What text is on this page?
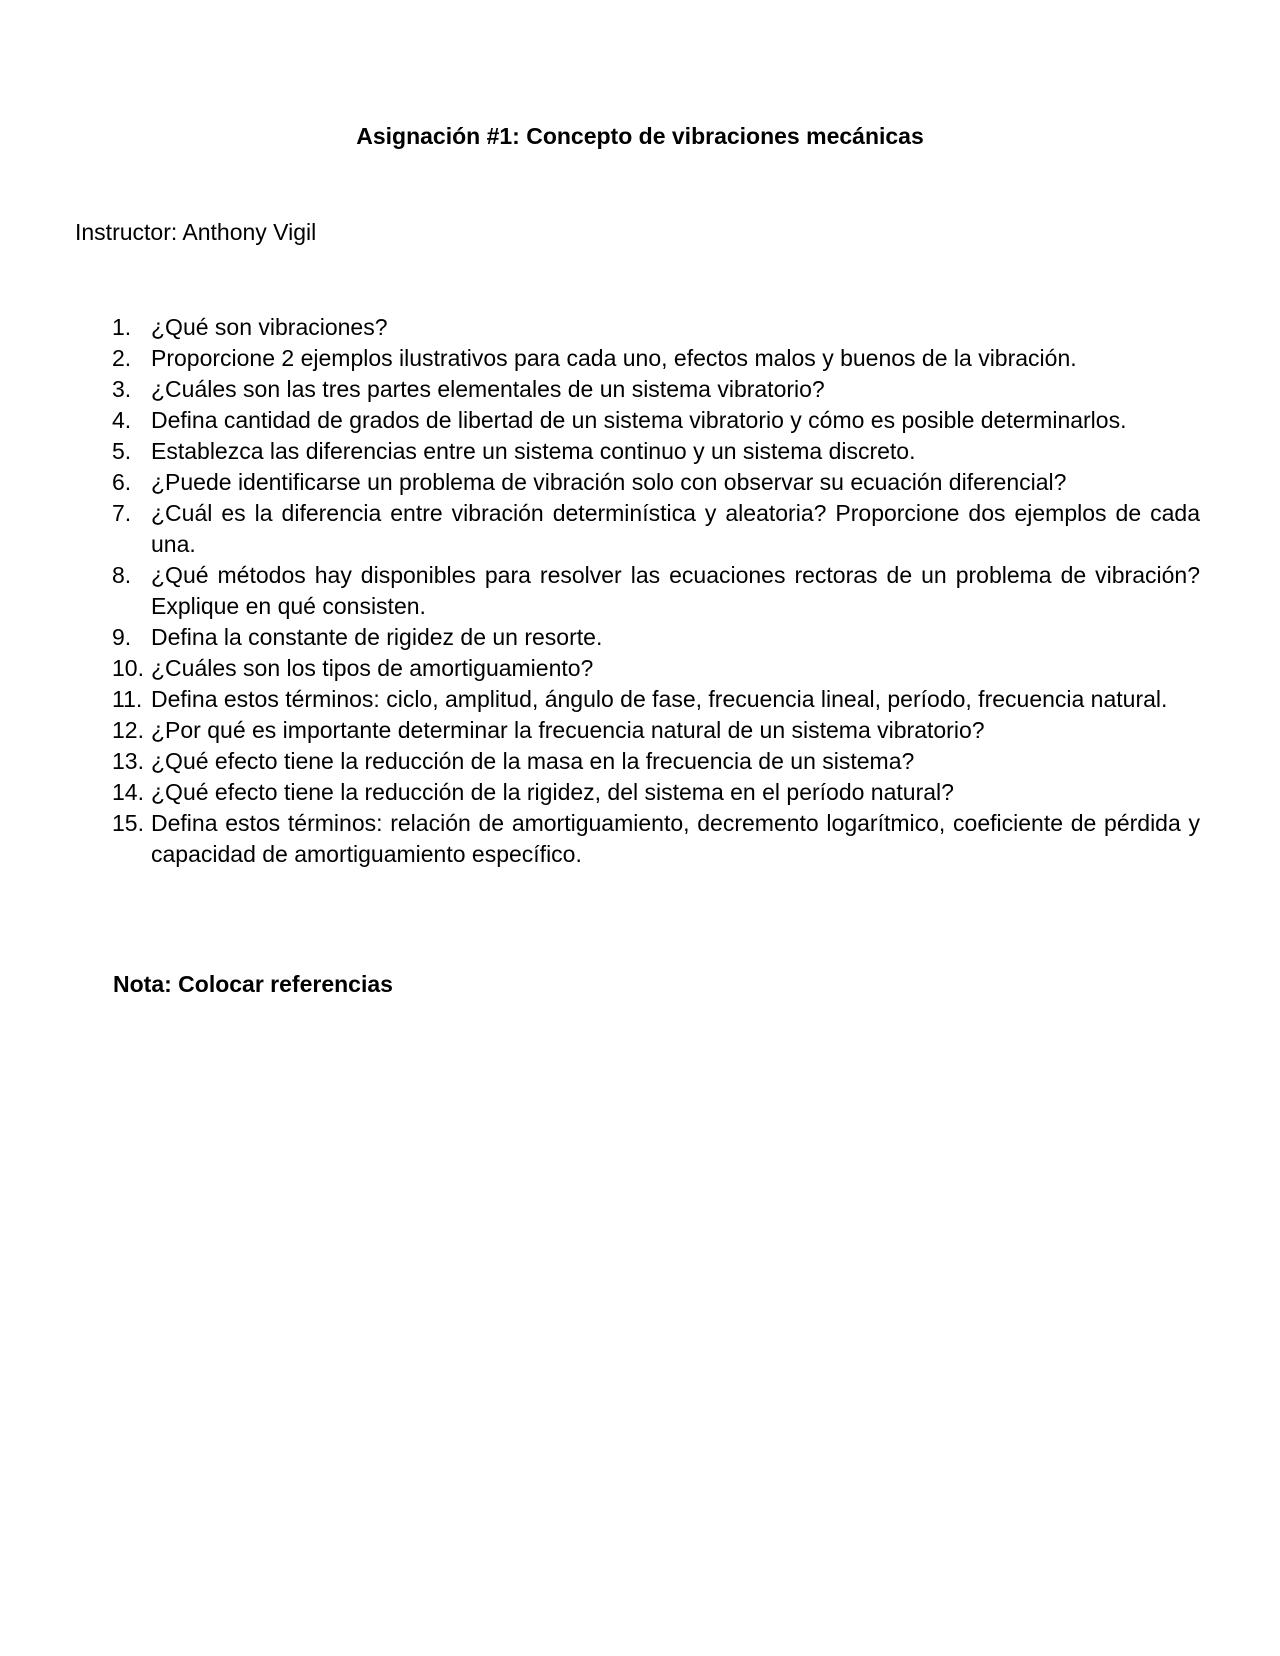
Asignación #1: Concepto de vibraciones mecánicas
Instructor: Anthony Vigil
1. ¿Qué son vibraciones?
2. Proporcione 2 ejemplos ilustrativos para cada uno, efectos malos y buenos de la vibración.
3. ¿Cuáles son las tres partes elementales de un sistema vibratorio?
4. Defina cantidad de grados de libertad de un sistema vibratorio y cómo es posible determinarlos.
5. Establezca las diferencias entre un sistema continuo y un sistema discreto.
6. ¿Puede identificarse un problema de vibración solo con observar su ecuación diferencial?
7. ¿Cuál es la diferencia entre vibración determinística y aleatoria? Proporcione dos ejemplos de cada una.
8. ¿Qué métodos hay disponibles para resolver las ecuaciones rectoras de un problema de vibración? Explique en qué consisten.
9. Defina la constante de rigidez de un resorte.
10. ¿Cuáles son los tipos de amortiguamiento?
11. Defina estos términos: ciclo, amplitud, ángulo de fase, frecuencia lineal, período, frecuencia natural.
12. ¿Por qué es importante determinar la frecuencia natural de un sistema vibratorio?
13. ¿Qué efecto tiene la reducción de la masa en la frecuencia de un sistema?
14. ¿Qué efecto tiene la reducción de la rigidez, del sistema en el período natural?
15. Defina estos términos: relación de amortiguamiento, decremento logarítmico, coeficiente de pérdida y capacidad de amortiguamiento específico.
Nota: Colocar referencias
